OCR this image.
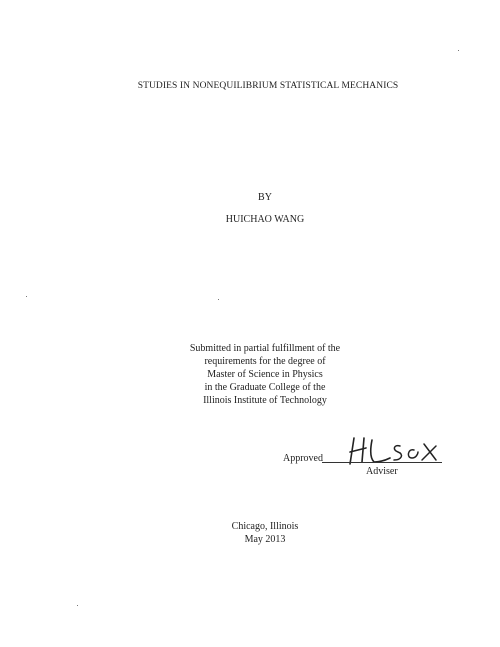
STUDIES IN NONEQUILIBRIUM STATISTICAL MECHANICS
BY
HUICHAO WANG
Submitted in partial fulfillment of the
requirements for the degree of
Master of Science in Physics
in the Graduate College of the
Illinois Institute of Technology
Approved
Adviser
Chicago, Illinois
May 2013
